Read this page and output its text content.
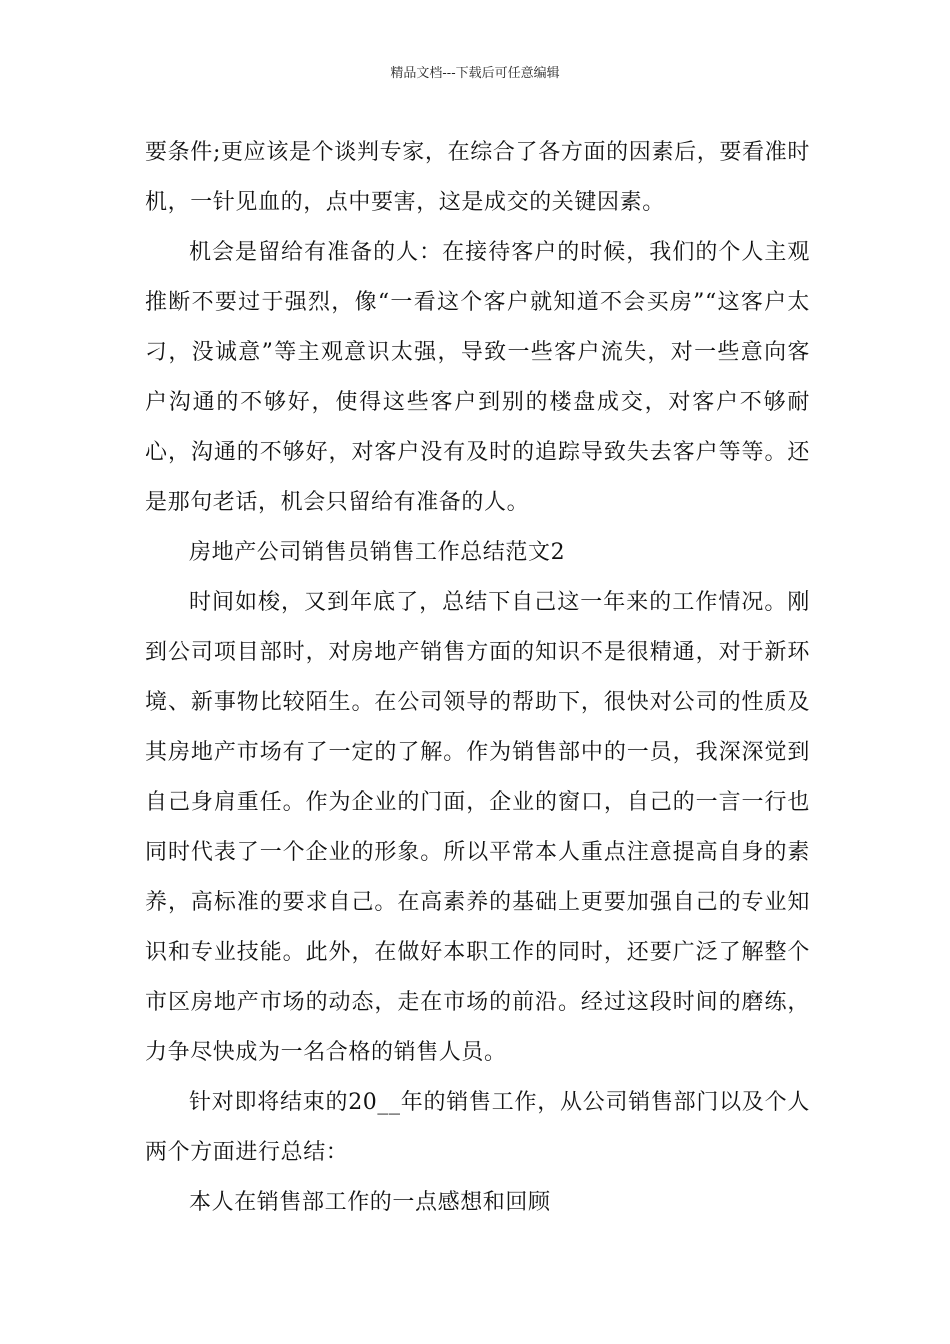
精品文档---下载后可任意编辑

要条件;更应该是个谈判专家，在综合了各方面的因素后，要看准时机，一针见血的，点中要害，这是成交的关键因素。

机会是留给有准备的人：在接待客户的时候，我们的个人主观推断不要过于强烈，像“一看这个客户就知道不会买房”“这客户太刁，没诚意”等主观意识太强，导致一些客户流失，对一些意向客户沟通的不够好，使得这些客户到别的楼盘成交，对客户不够耐心，沟通的不够好，对客户没有及时的追踪导致失去客户等等。还是那句老话，机会只留给有准备的人。

房地产公司销售员销售工作总结范文2

时间如梭，又到年底了，总结下自己这一年来的工作情况。刚到公司项目部时，对房地产销售方面的知识不是很精通，对于新环境、新事物比较陌生。在公司领导的帮助下，很快对公司的性质及其房地产市场有了一定的了解。作为销售部中的一员，我深深觉到自己身肩重任。作为企业的门面，企业的窗口，自己的一言一行也同时代表了一个企业的形象。所以平常本人重点注意提高自身的素养，高标准的要求自己。在高素养的基础上更要加强自己的专业知识和专业技能。此外，在做好本职工作的同时，还要广泛了解整个市区房地产市场的动态，走在市场的前沿。经过这段时间的磨练，力争尽快成为一名合格的销售人员。

针对即将结束的20__年的销售工作，从公司销售部门以及个人两个方面进行总结：

本人在销售部工作的一点感想和回顾
